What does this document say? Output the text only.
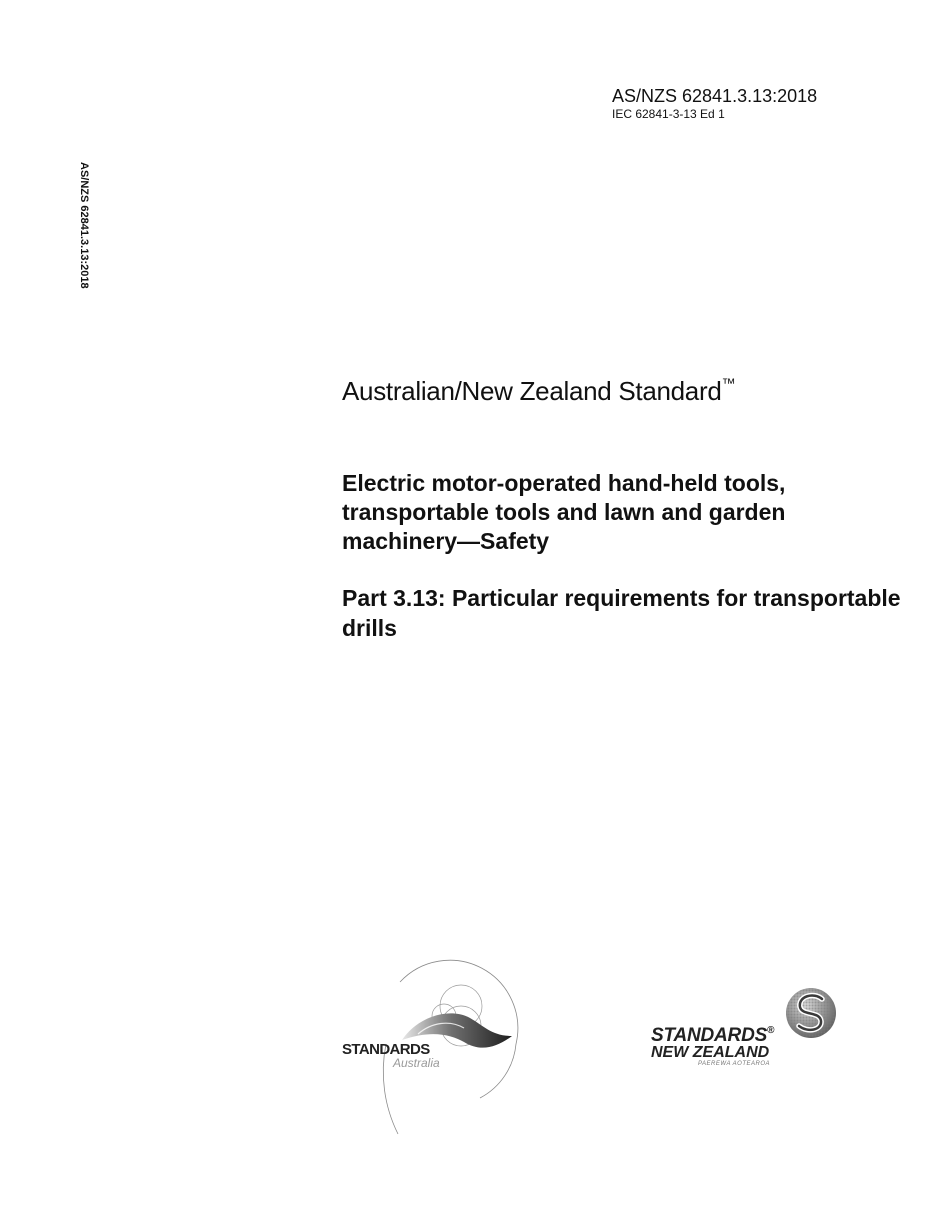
AS/NZS 62841.3.13:2018
IEC 62841-3-13 Ed 1
AS/NZS 62841.3.13:2018
Australian/New Zealand Standard™
Electric motor-operated hand-held tools, transportable tools and lawn and garden machinery—Safety
Part 3.13: Particular requirements for transportable drills
STANDARDS
Australia
STANDARDS®
NEW ZEALAND
PAEREWA AOTEAROA
